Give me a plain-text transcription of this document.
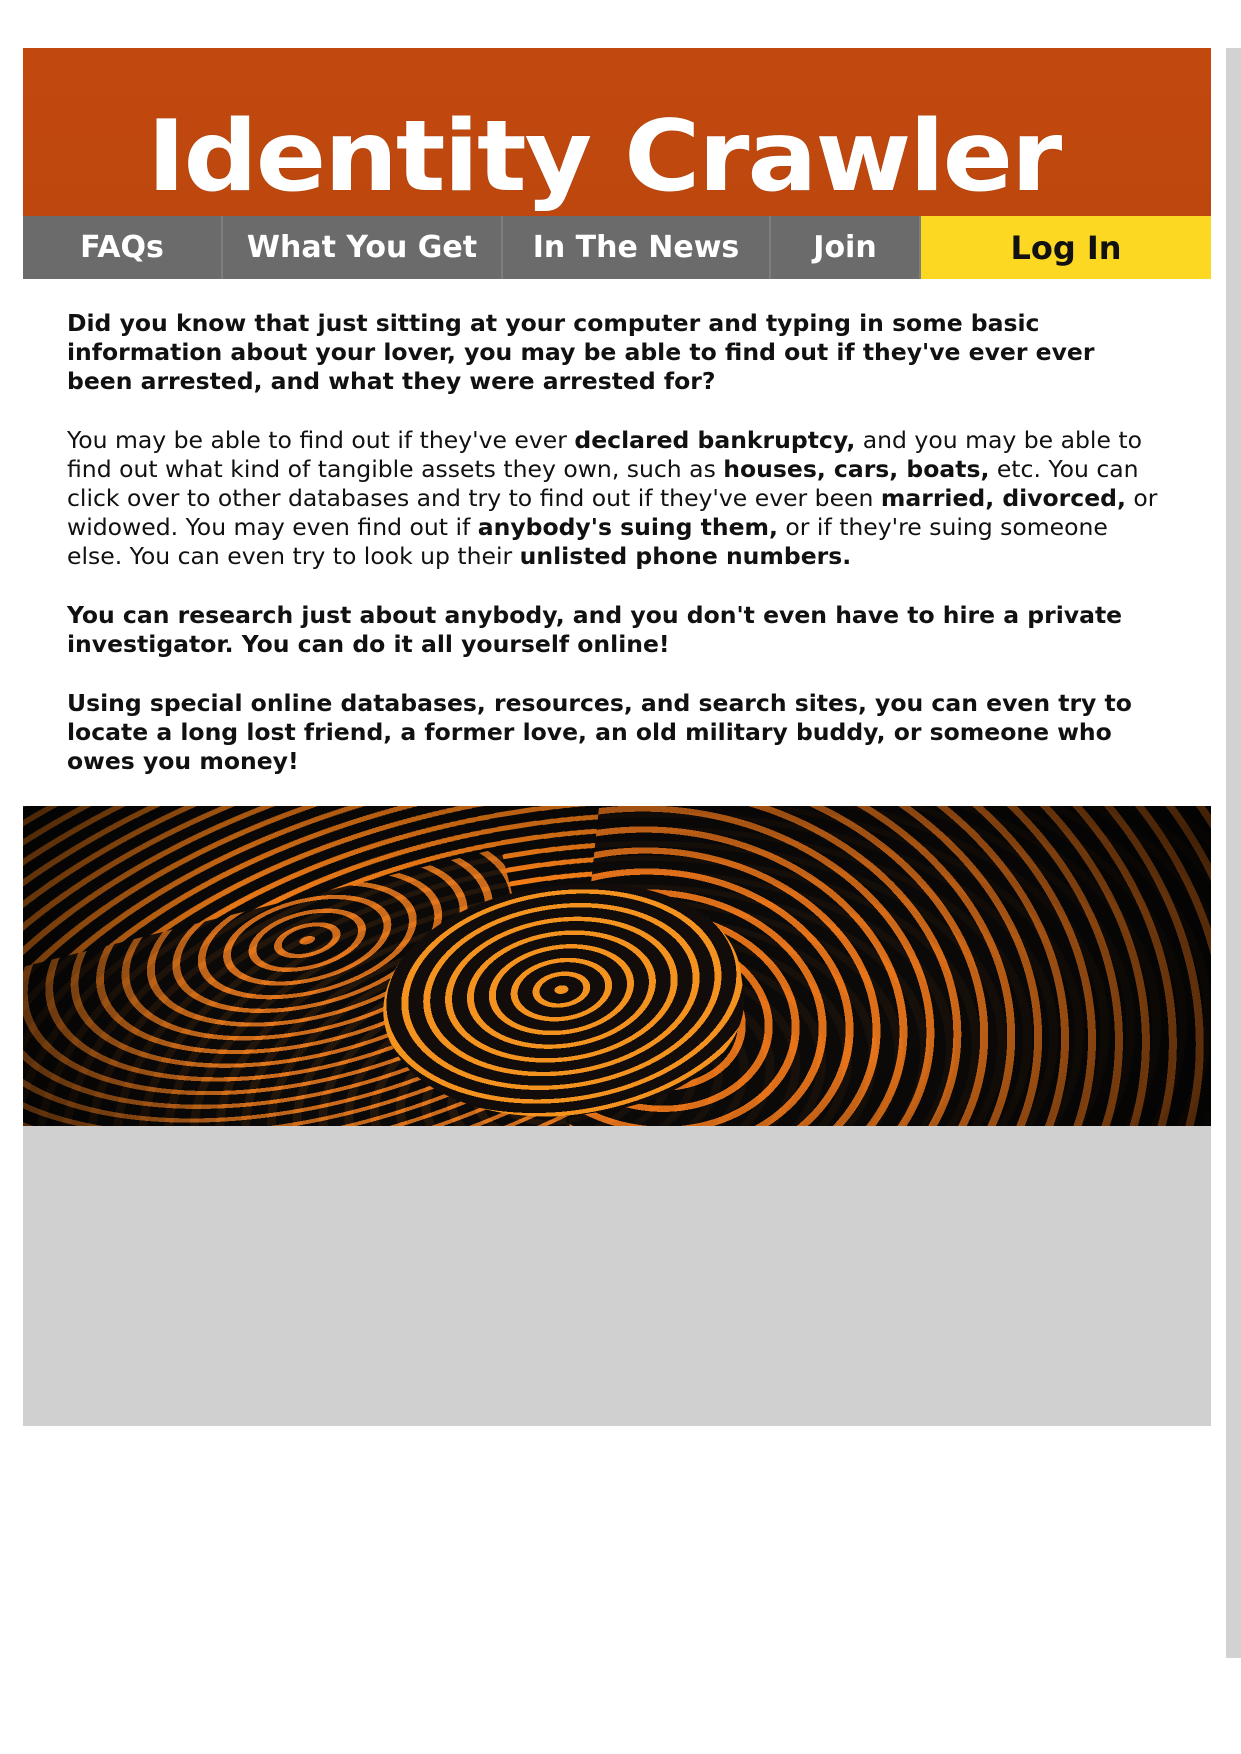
Identity Crawler
FAQs	What You Get In The News Join	Log In

Did you know that just sitting at your computer and typing in some basic information about your lover, you may be able to find out if they've ever ever been arrested, and what they were arrested for?

You may be able to find out if they've ever declared bankruptcy, and you may be able to find out what kind of tangible assets they own, such as houses, cars, boats, etc. You can click over to other databases and try to find out if they've ever been married, divorced, or widowed. You may even find out if anybody's suing them, or if they're suing someone else. You can even try to look up their unlisted phone numbers.

You can research just about anybody, and you don't even have to hire a private investigator. You can do it all yourself online!

Using special online databases, resources, and search sites, you can even try to locate a long lost friend, a former love, an old military buddy, or someone who owes you money!
